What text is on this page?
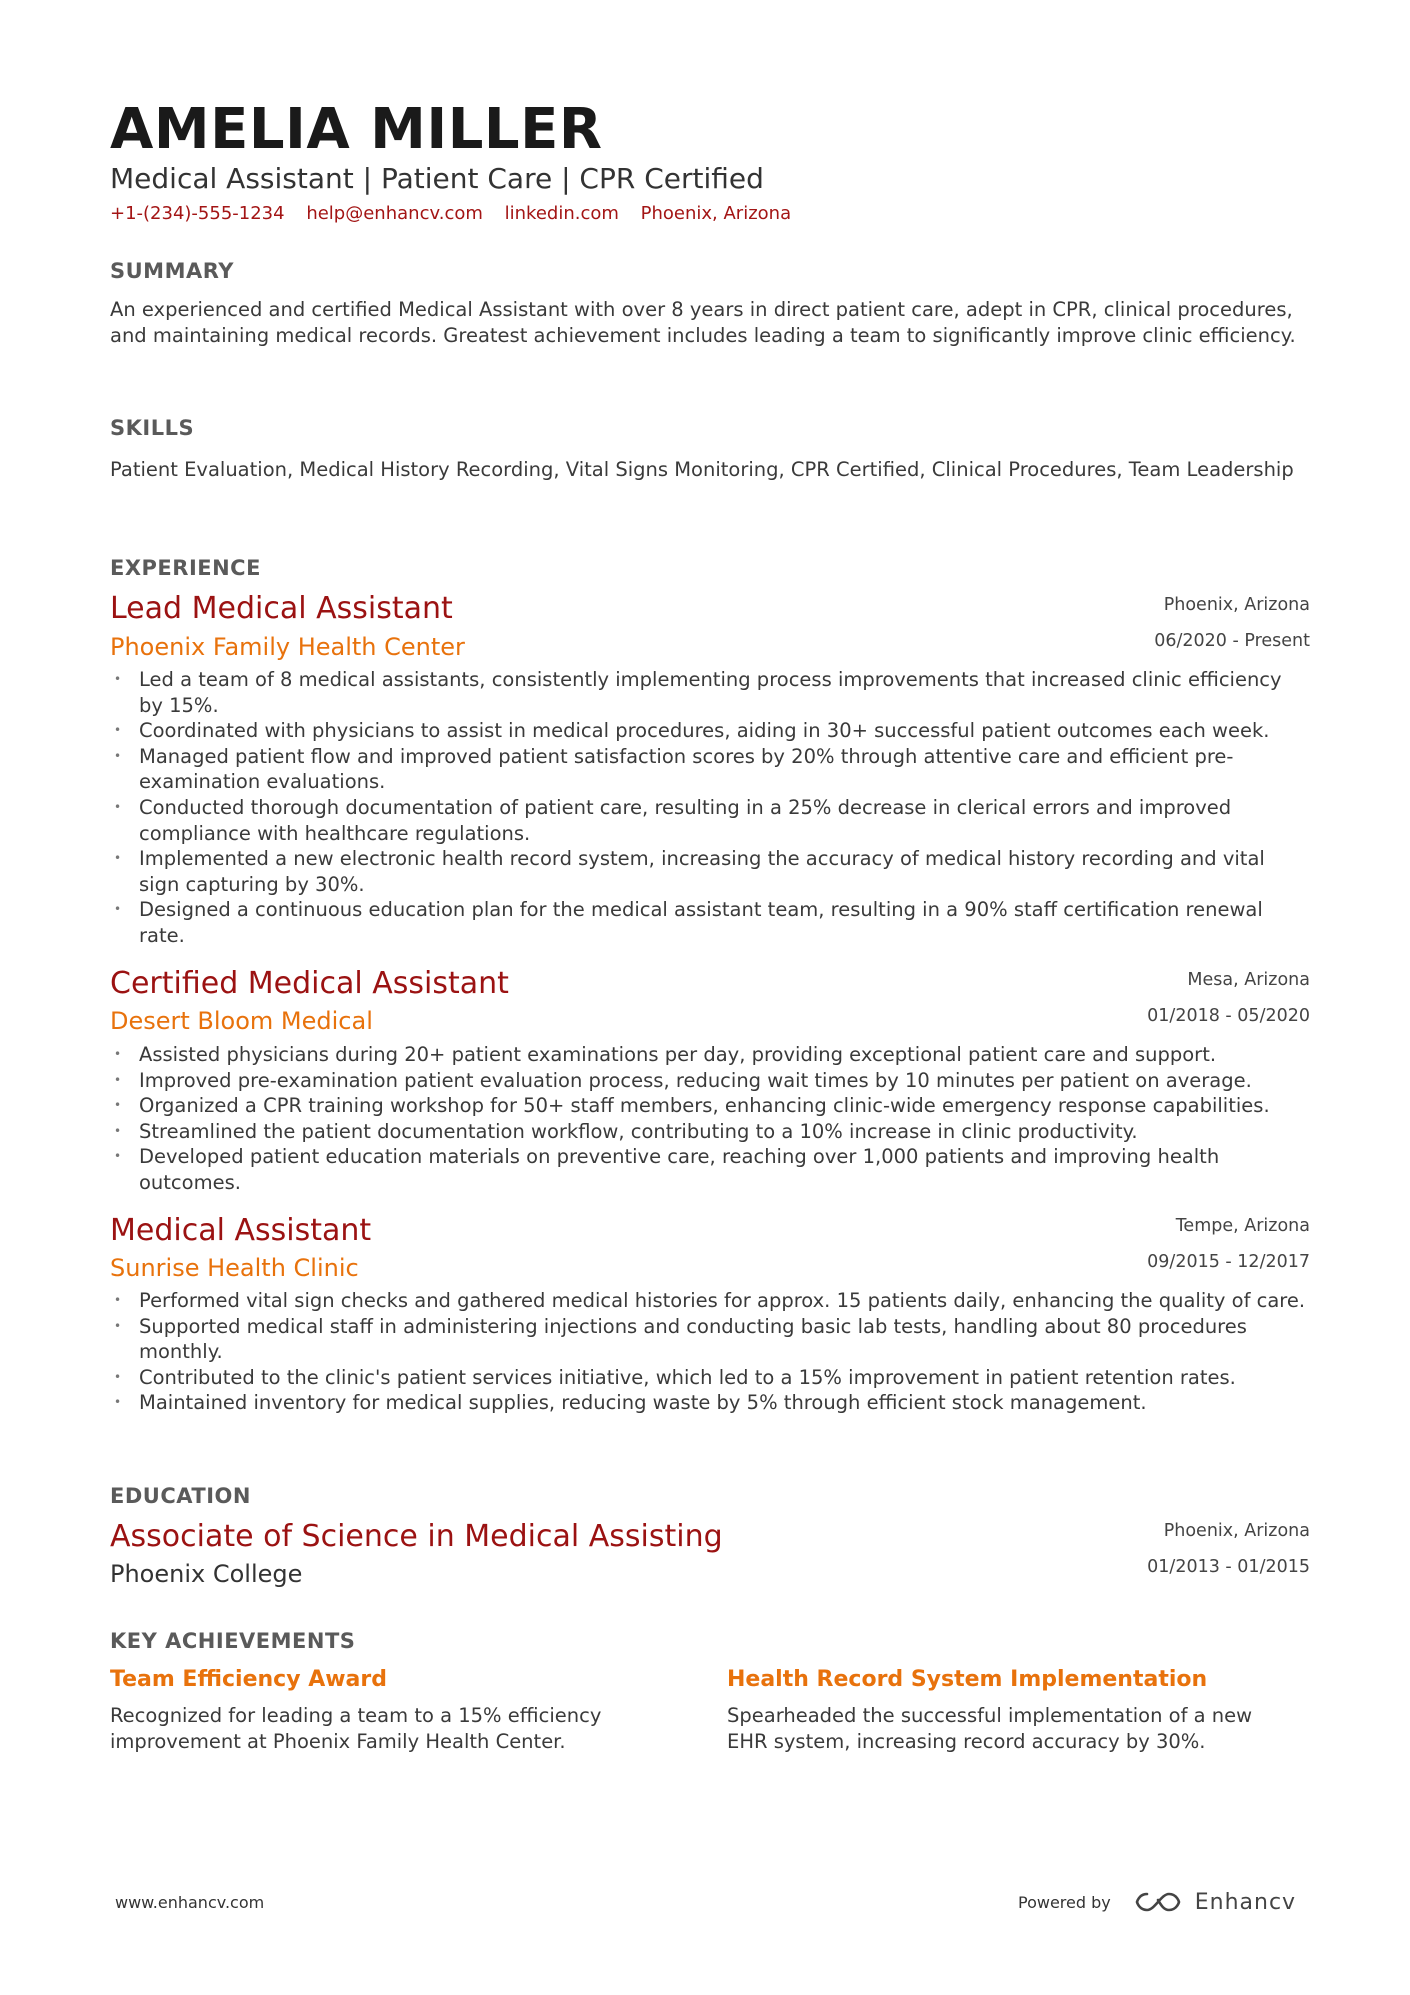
AMELIA MILLER
Medical Assistant | Patient Care | CPR Certified
+1-(234)-555-1234 help@enhancv.com linkedin.com Phoenix, Arizona
SUMMARY
An experienced and certified Medical Assistant with over 8 years in direct patient care, adept in CPR, clinical procedures, and maintaining medical records. Greatest achievement includes leading a team to significantly improve clinic efficiency.
SKILLS
Patient Evaluation, Medical History Recording, Vital Signs Monitoring, CPR Certified, Clinical Procedures, Team Leadership
EXPERIENCE
Lead Medical Assistant	Phoenix, Arizona
Phoenix Family Health Center	06/2020 - Present
• Led a team of 8 medical assistants, consistently implementing process improvements that increased clinic efficiency by 15%.
• Coordinated with physicians to assist in medical procedures, aiding in 30+ successful patient outcomes each week.
• Managed patient flow and improved patient satisfaction scores by 20% through attentive care and efficient pre-examination evaluations.
• Conducted thorough documentation of patient care, resulting in a 25% decrease in clerical errors and improved compliance with healthcare regulations.
• Implemented a new electronic health record system, increasing the accuracy of medical history recording and vital sign capturing by 30%.
• Designed a continuous education plan for the medical assistant team, resulting in a 90% staff certification renewal rate.
Certified Medical Assistant	Mesa, Arizona
Desert Bloom Medical	01/2018 - 05/2020
• Assisted physicians during 20+ patient examinations per day, providing exceptional patient care and support.
• Improved pre-examination patient evaluation process, reducing wait times by 10 minutes per patient on average.
• Organized a CPR training workshop for 50+ staff members, enhancing clinic-wide emergency response capabilities.
• Streamlined the patient documentation workflow, contributing to a 10% increase in clinic productivity.
• Developed patient education materials on preventive care, reaching over 1,000 patients and improving health outcomes.
Medical Assistant	Tempe, Arizona
Sunrise Health Clinic	09/2015 - 12/2017
• Performed vital sign checks and gathered medical histories for approx. 15 patients daily, enhancing the quality of care.
• Supported medical staff in administering injections and conducting basic lab tests, handling about 80 procedures monthly.
• Contributed to the clinic's patient services initiative, which led to a 15% improvement in patient retention rates.
• Maintained inventory for medical supplies, reducing waste by 5% through efficient stock management.
EDUCATION
Associate of Science in Medical Assisting	Phoenix, Arizona
Phoenix College	01/2013 - 01/2015
KEY ACHIEVEMENTS
Team Efficiency Award
Recognized for leading a team to a 15% efficiency improvement at Phoenix Family Health Center.
Health Record System Implementation
Spearheaded the successful implementation of a new EHR system, increasing record accuracy by 30%.
www.enhancv.com	Powered by	Enhancv
